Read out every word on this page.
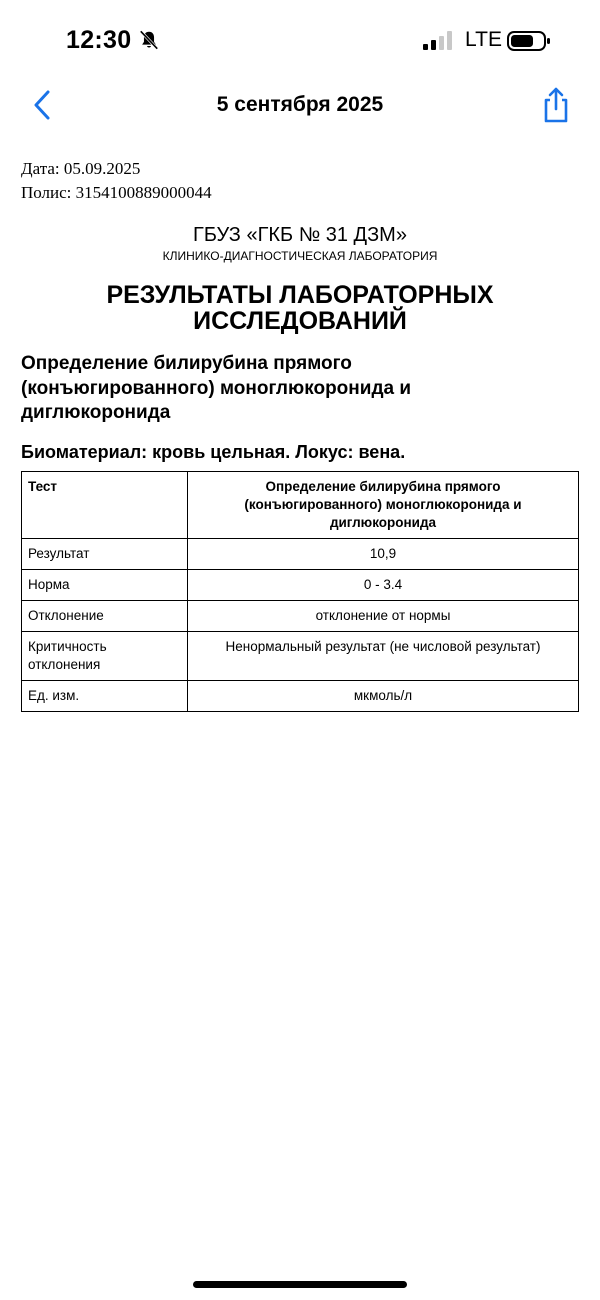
12:30	LTE
5 сентября 2025
Дата: 05.09.2025
Полис: 3154100889000044
ГБУЗ «ГКБ № 31 ДЗМ»
КЛИНИКО-ДИАГНОСТИЧЕСКАЯ ЛАБОРАТОРИЯ
РЕЗУЛЬТАТЫ ЛАБОРАТОРНЫХ
ИССЛЕДОВАНИЙ
Определение билирубина прямого
(конъюгированного) моноглюкоронида и
диглюкоронида
Биоматериал: кровь цельная. Локус: вена.
Тест	Определение билирубина прямого
(конъюгированного) моноглюкоронида и
диглюкоронида

Результат	10,9
Норма	0 - 3.4
Отклонение	отклонение от нормы

Критичность
отклонения	Ненормальный результат (не числовой результат)
Ед. изм.	мкмоль/л
